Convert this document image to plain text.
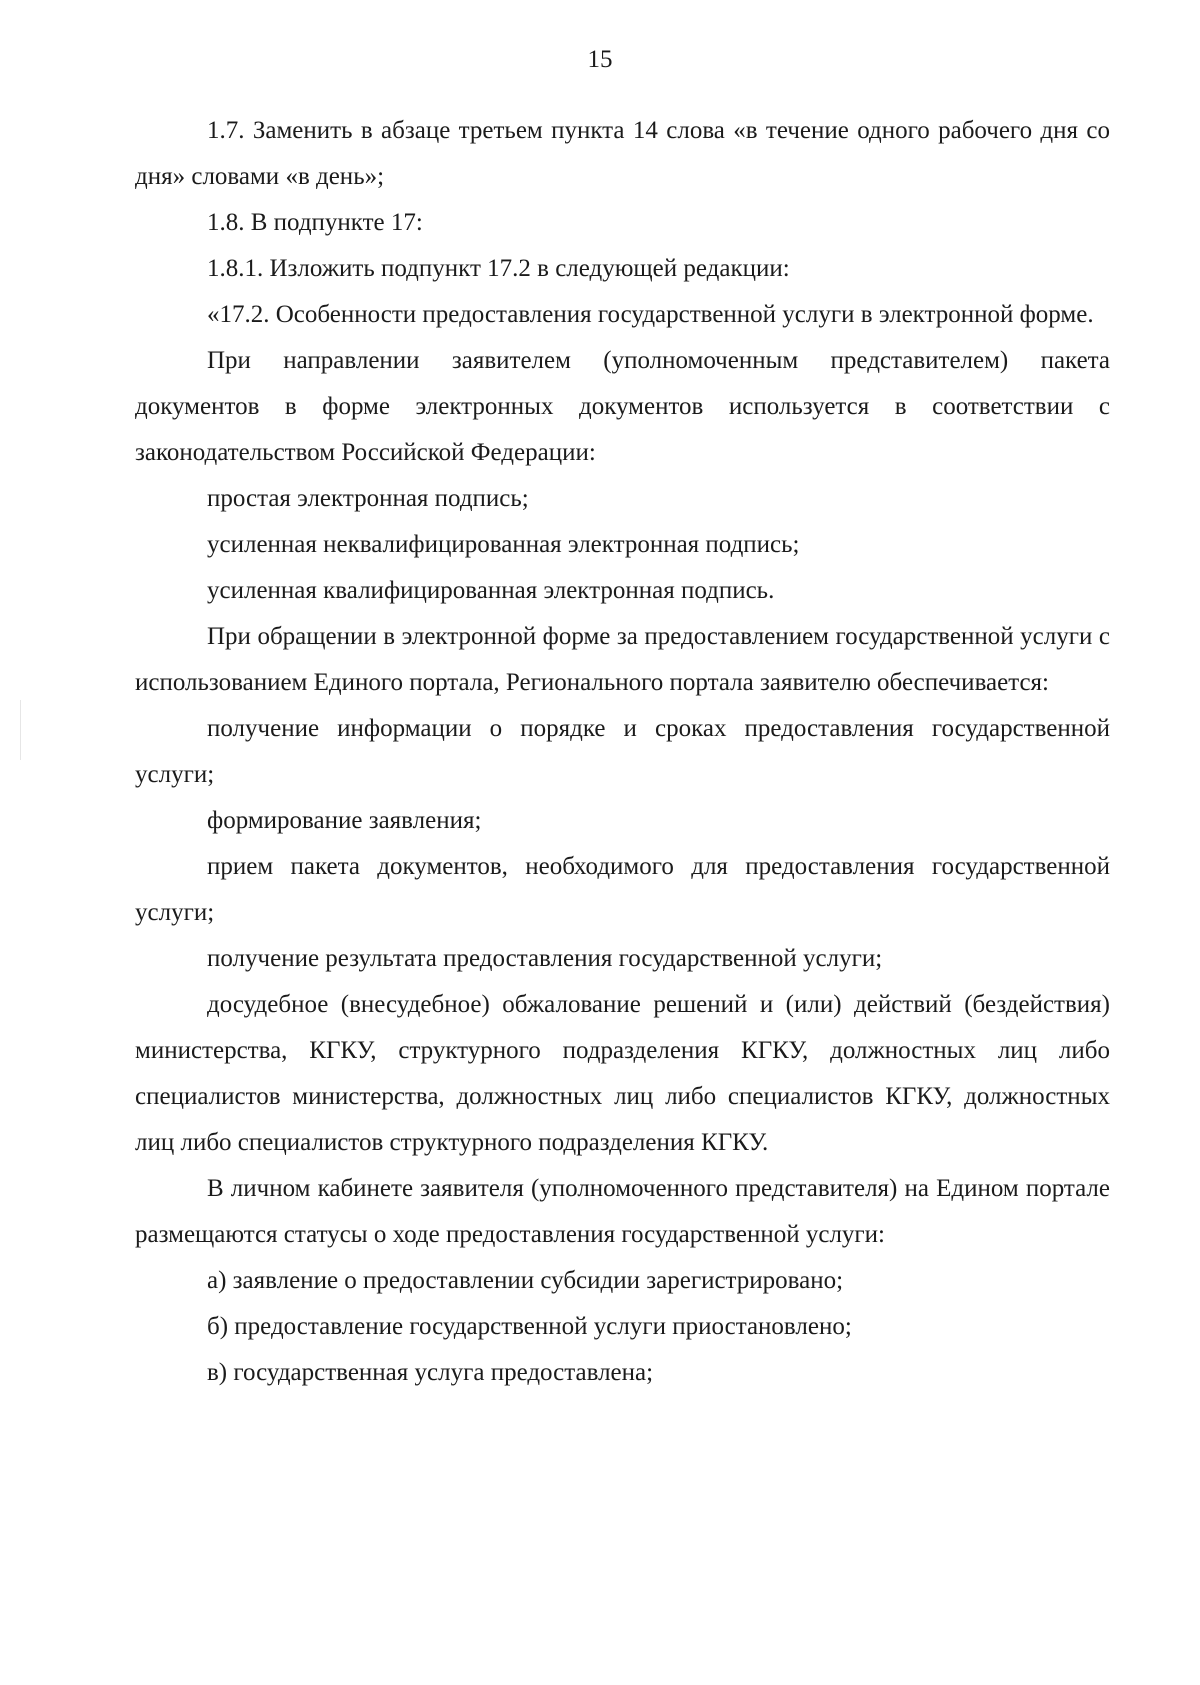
15

1.7. Заменить в абзаце третьем пункта 14 слова «в течение одного рабочего дня со дня» словами «в день»;

1.8. В подпункте 17:

1.8.1. Изложить подпункт 17.2 в следующей редакции:

«17.2. Особенности предоставления государственной услуги в электронной форме.

При направлении заявителем (уполномоченным представителем) пакета документов в форме электронных документов используется в соответствии с законодательством Российской Федерации:

простая электронная подпись;

усиленная неквалифицированная электронная подпись;

усиленная квалифицированная электронная подпись.

При обращении в электронной форме за предоставлением государственной услуги с использованием Единого портала, Регионального портала заявителю обеспечивается:

получение информации о порядке и сроках предоставления государственной услуги;

формирование заявления;

прием пакета документов, необходимого для предоставления государственной услуги;

получение результата предоставления государственной услуги;

досудебное (внесудебное) обжалование решений и (или) действий (бездействия) министерства, КГКУ, структурного подразделения КГКУ, должностных лиц либо специалистов министерства, должностных лиц либо специалистов КГКУ, должностных лиц либо специалистов структурного подразделения КГКУ.

В личном кабинете заявителя (уполномоченного представителя) на Едином портале размещаются статусы о ходе предоставления государственной услуги:

а) заявление о предоставлении субсидии зарегистрировано;

б) предоставление государственной услуги приостановлено;

в) государственная услуга предоставлена;
